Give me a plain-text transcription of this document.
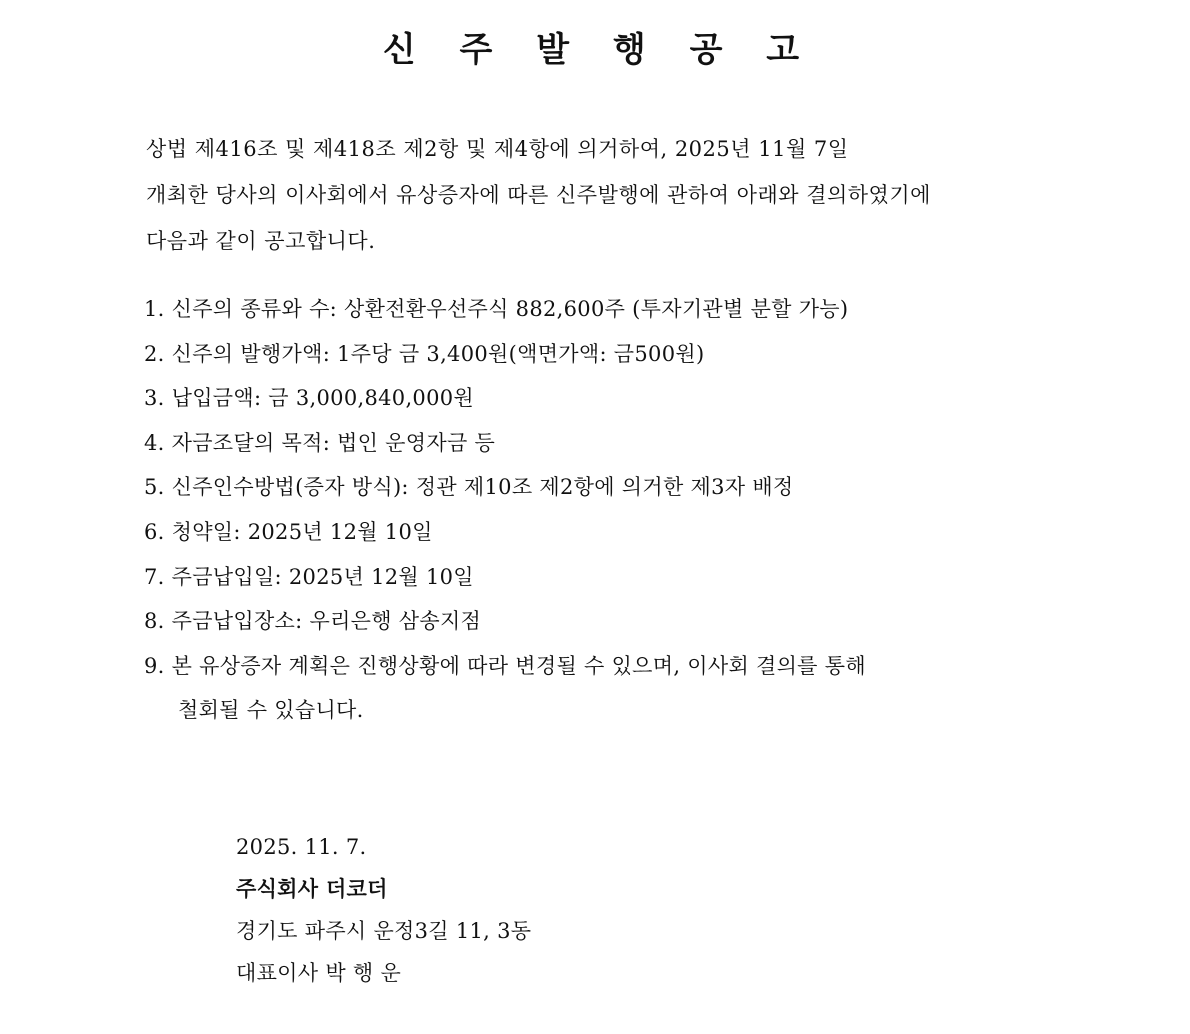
신 주 발 행 공 고
상법 제416조 및 제418조 제2항 및 제4항에 의거하여, 2025년 11월 7일
개최한 당사의 이사회에서 유상증자에 따른 신주발행에 관하여 아래와 결의하였기에
다음과 같이 공고합니다.
1. 신주의 종류와 수: 상환전환우선주식 882,600주 (투자기관별 분할 가능)
2. 신주의 발행가액: 1주당 금 3,400원(액면가액: 금500원)
3. 납입금액: 금 3,000,840,000원
4. 자금조달의 목적: 법인 운영자금 등
5. 신주인수방법(증자 방식): 정관 제10조 제2항에 의거한 제3자 배정
6. 청약일: 2025년 12월 10일
7. 주금납입일: 2025년 12월 10일
8. 주금납입장소: 우리은행 삼송지점
9. 본 유상증자 계획은 진행상황에 따라 변경될 수 있으며, 이사회 결의를 통해
철회될 수 있습니다.
2025. 11. 7.
주식회사 더코더
경기도 파주시 운정3길 11, 3동
대표이사 박 행 운
